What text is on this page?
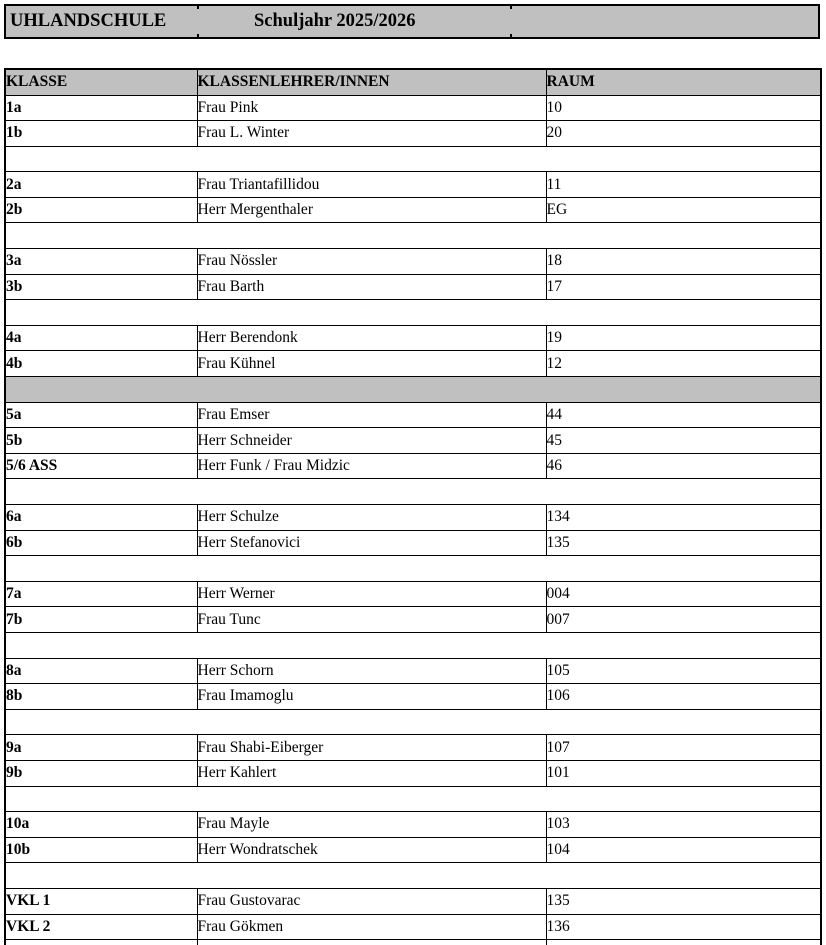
UHLANDSCHULE	Schuljahr 2025/2026
KLASSE	KLASSENLEHRER/INNEN	RAUM
1a	Frau Pink	10
1b	Frau L. Winter	20

2a	Frau Triantafillidou	11
2b	Herr Mergenthaler	EG

3a	Frau Nössler	18
3b	Frau Barth	17

4a	Herr Berendonk	19
4b	Frau Kühnel	12

5a	Frau Emser	44
5b	Herr Schneider	45
5/6 ASS	Herr Funk / Frau Midzic	46

6a	Herr Schulze	134
6b	Herr Stefanovici	135

7a	Herr Werner	004
7b	Frau Tunc	007

8a	Herr Schorn	105
8b	Frau Imamoglu	106

9a	Frau Shabi-Eiberger	107
9b	Herr Kahlert	101

10a	Frau Mayle	103
10b	Herr Wondratschek	104

VKL 1	Frau Gustovarac	135
VKL 2	Frau Gökmen	136
